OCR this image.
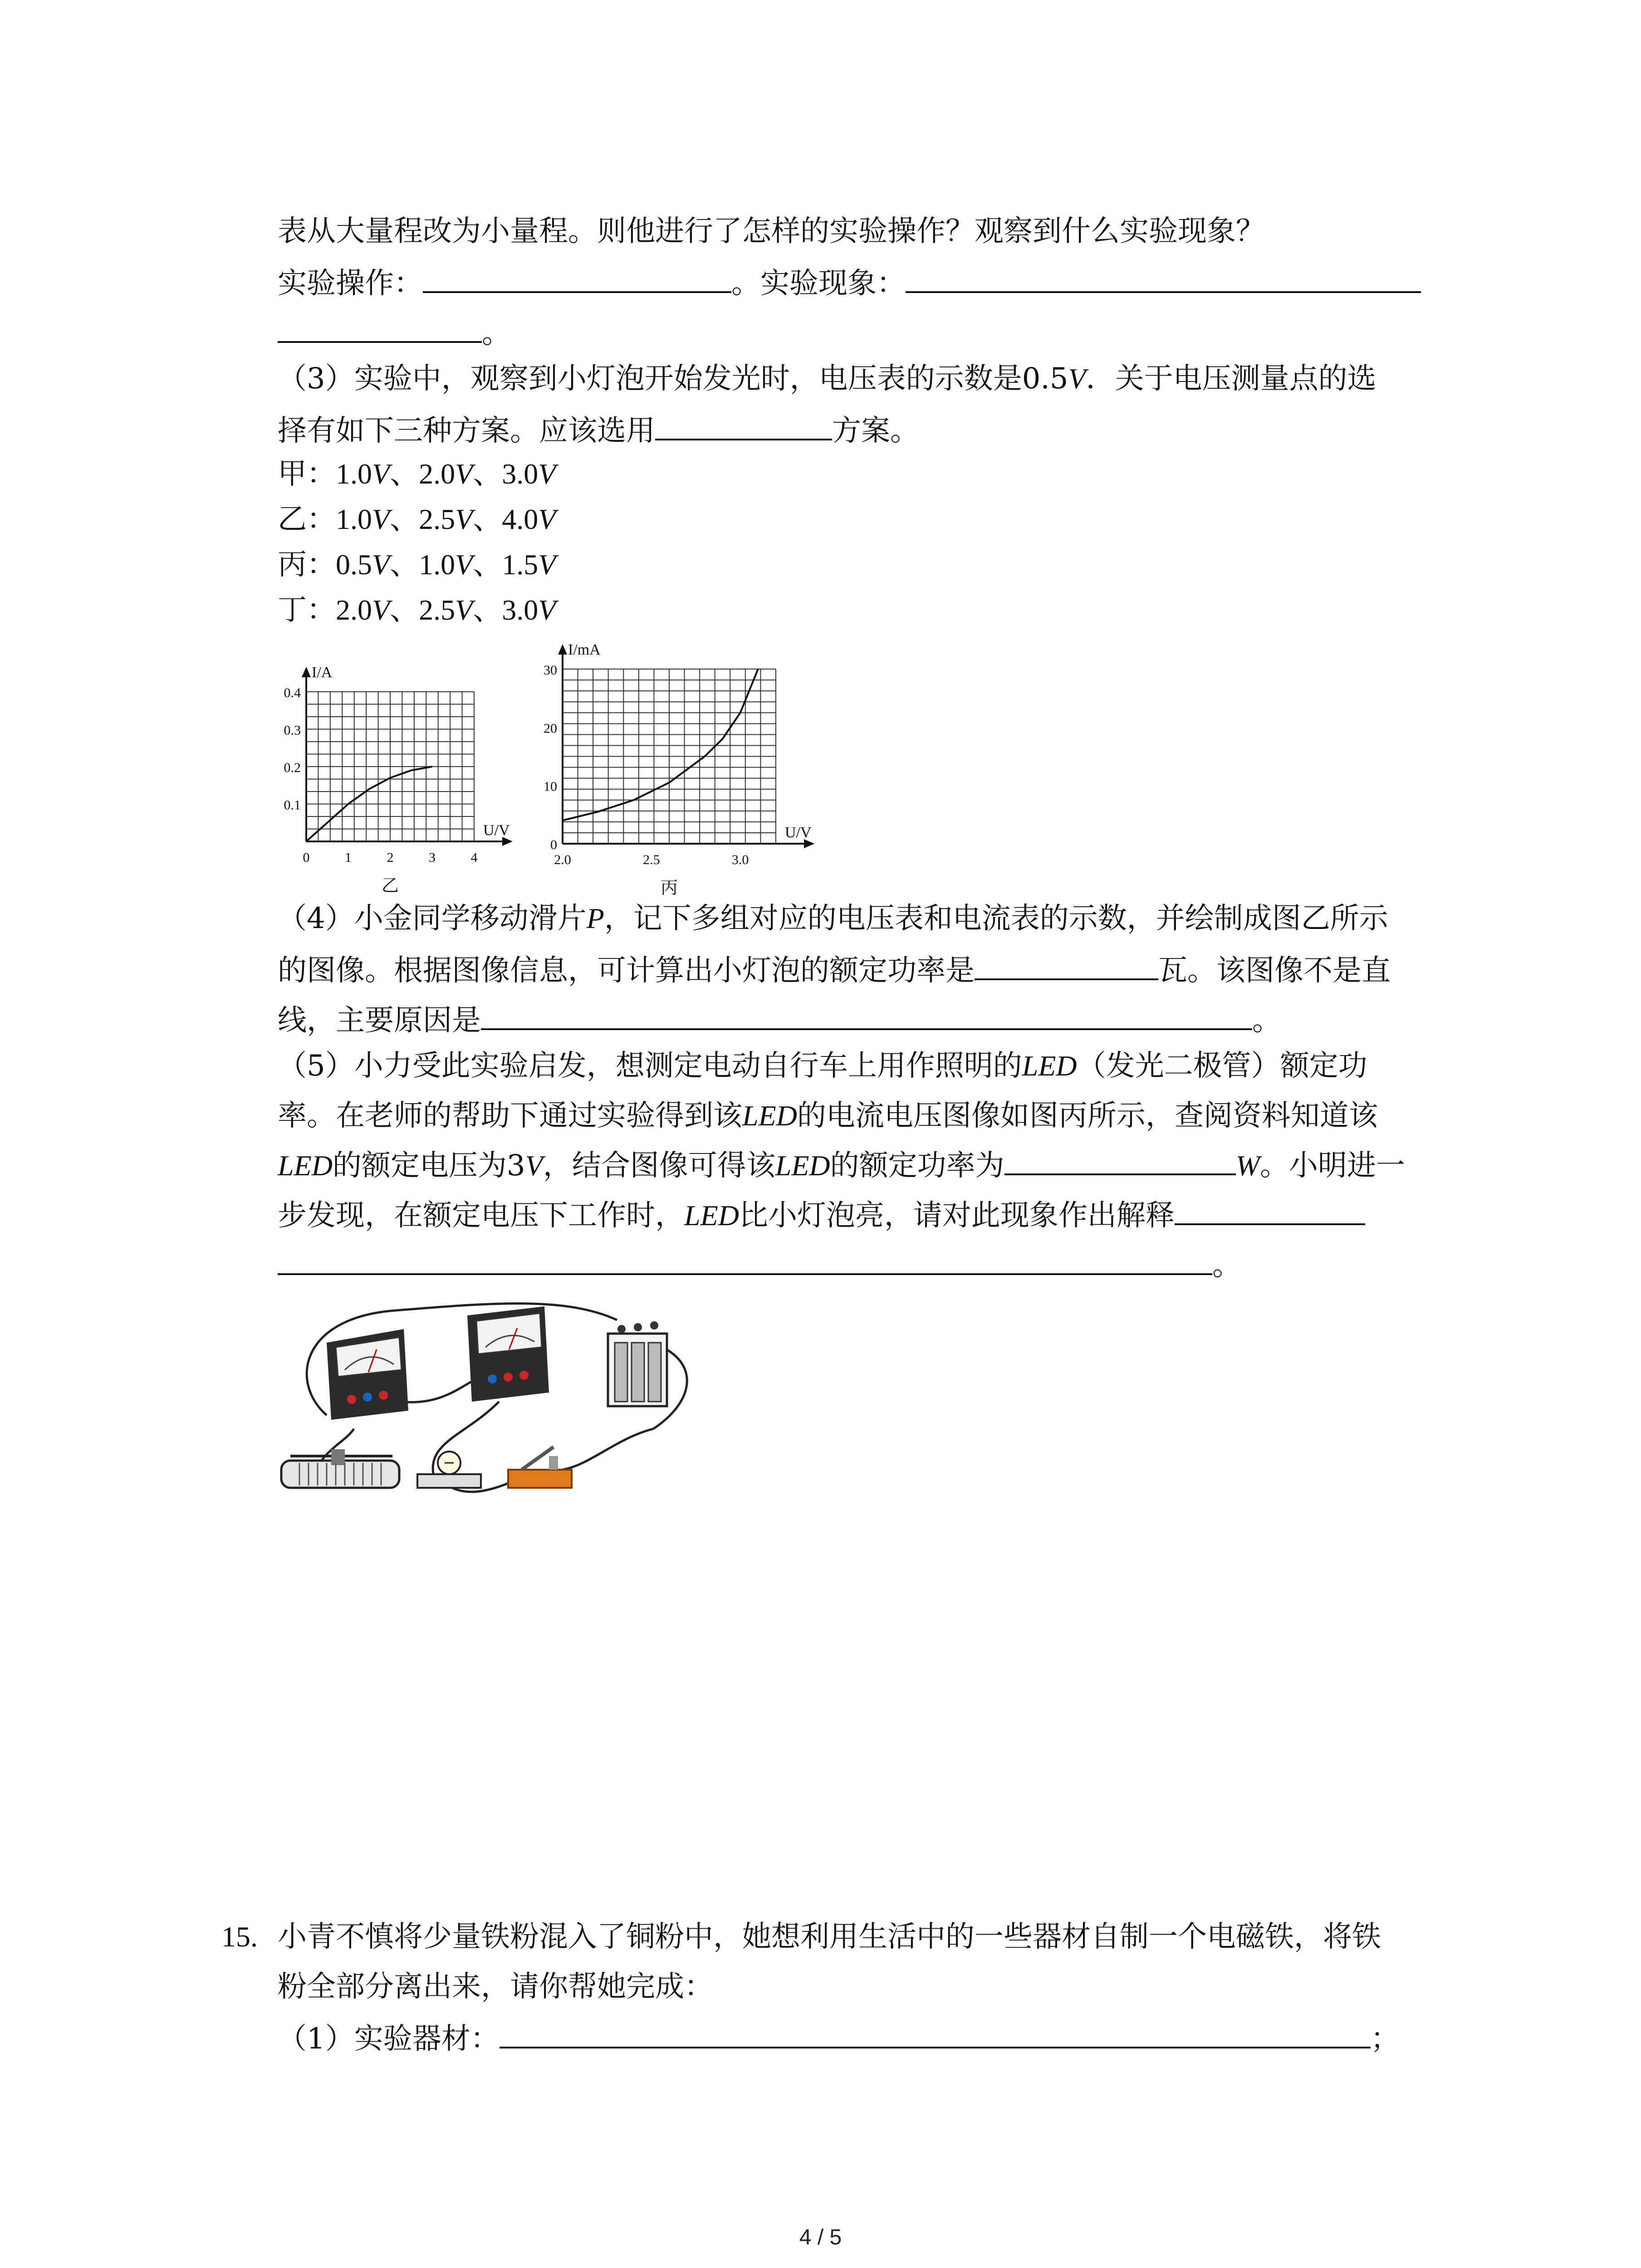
表从大量程改为小量程。则他进行了怎样的实验操作？观察到什么实验现象？
实验操作：	。实验现象：
。
（3）实验中，观察到小灯泡开始发光时，电压表的示数是0.5V．关于电压测量点的选
择有如下三种方案。应该选用	方案。
甲：1.0V、2.0V、3.0V
乙：1.0V、2.5V、4.0V
丙：0.5V、1.0V、1.5V
丁：2.0V、2.5V、3.0V
0	1	2	3	4
0.1
0.2
0.3
0.4
I/A
U/V
乙
2.0	2.5	3.0
0
10
20
30
I/mA
U/V
丙
（4）小金同学移动滑片P，记下多组对应的电压表和电流表的示数，并绘制成图乙所示
的图像。根据图像信息，可计算出小灯泡的额定功率是	瓦。该图像不是直
线，主要原因是	。
（5）小力受此实验启发，想测定电动自行车上用作照明的LED（发光二极管）额定功
率。在老师的帮助下通过实验得到该LED的电流电压图像如图丙所示，查阅资料知道该
LED的额定电压为3V，结合图像可得该LED的额定功率为	W。小明进一
步发现，在额定电压下工作时，LED比小灯泡亮，请对此现象作出解释
。
15. 小青不慎将少量铁粉混入了铜粉中，她想利用生活中的一些器材自制一个电磁铁，将铁
粉全部分离出来，请你帮她完成：
（1）实验器材：	；
4 / 5
